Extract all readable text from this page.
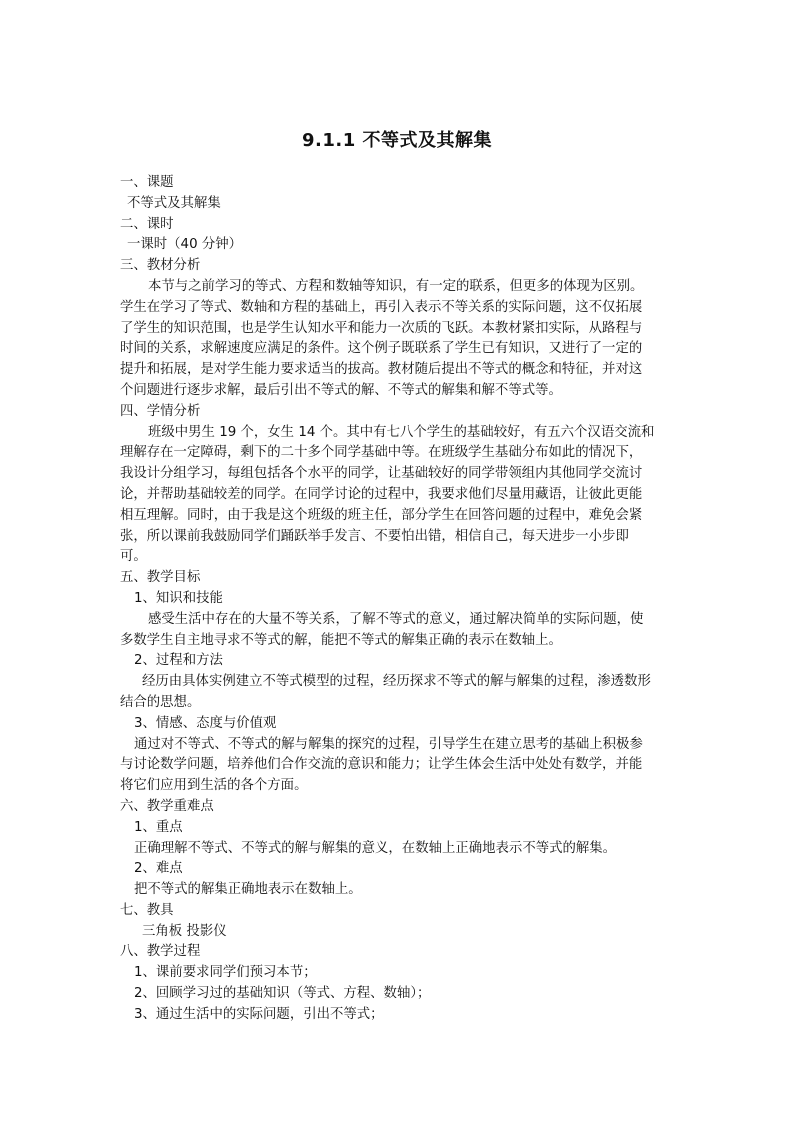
9.1.1 不等式及其解集
一、课题
不等式及其解集
二、课时
一课时（40 分钟）
三、教材分析
本节与之前学习的等式、方程和数轴等知识，有一定的联系，但更多的体现为区别。
学生在学习了等式、数轴和方程的基础上，再引入表示不等关系的实际问题，这不仅拓展
了学生的知识范围，也是学生认知水平和能力一次质的飞跃。本教材紧扣实际，从路程与
时间的关系，求解速度应满足的条件。这个例子既联系了学生已有知识，又进行了一定的
提升和拓展，是对学生能力要求适当的拔高。教材随后提出不等式的概念和特征，并对这
个问题进行逐步求解，最后引出不等式的解、不等式的解集和解不等式等。
四、学情分析
班级中男生 19 个，女生 14 个。其中有七八个学生的基础较好，有五六个汉语交流和
理解存在一定障碍，剩下的二十多个同学基础中等。在班级学生基础分布如此的情况下，
我设计分组学习，每组包括各个水平的同学，让基础较好的同学带领组内其他同学交流讨
论，并帮助基础较差的同学。在同学讨论的过程中，我要求他们尽量用藏语，让彼此更能
相互理解。同时，由于我是这个班级的班主任，部分学生在回答问题的过程中，难免会紧
张，所以课前我鼓励同学们踊跃举手发言、不要怕出错，相信自己，每天进步一小步即
可。
五、教学目标
1、知识和技能
感受生活中存在的大量不等关系，了解不等式的意义，通过解决简单的实际问题，使
多数学生自主地寻求不等式的解，能把不等式的解集正确的表示在数轴上。
2、过程和方法
经历由具体实例建立不等式模型的过程，经历探求不等式的解与解集的过程，渗透数形
结合的思想。
3、情感、态度与价值观
通过对不等式、不等式的解与解集的探究的过程，引导学生在建立思考的基础上积极参
与讨论数学问题，培养他们合作交流的意识和能力；让学生体会生活中处处有数学，并能
将它们应用到生活的各个方面。
六、教学重难点
1、重点
正确理解不等式、不等式的解与解集的意义，在数轴上正确地表示不等式的解集。
2、难点
把不等式的解集正确地表示在数轴上。
七、教具
三角板 投影仪
八、教学过程
1、课前要求同学们预习本节；
2、回顾学习过的基础知识（等式、方程、数轴）；
3、通过生活中的实际问题，引出不等式；
